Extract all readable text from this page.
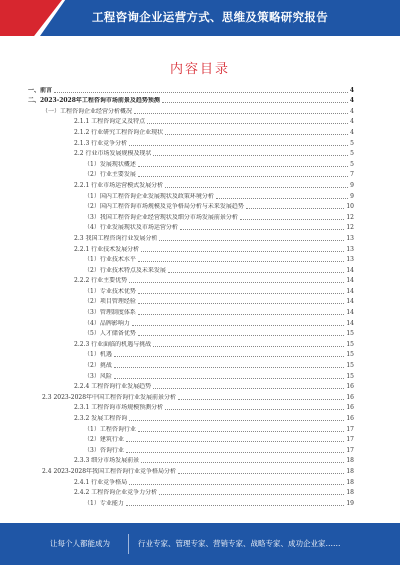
工程咨询企业运营方式、思维及策略研究报告
内容目录
一、前言	4
二、2023-2028年工程咨询市场前景及趋势预测	4
（一）工程咨询企业经营分析概况	4
2.1.1 工程咨询定义及特点	4
2.1.2 行业研究工程咨询企业现状	4
2.1.3 行业竞争分析	5
2.2 行业市场发展规模及现状	5
（1）发展现状概述	5
（2）行业主要发展	7
2.2.1 行业市场运营模式发展分析	9
（1）国内工程咨询企业发展现状及政策环境分析	9
（2）国内工程咨询市场规模及竞争格局分析与未来发展趋势	10
（3）我国工程咨询企业经营现状及细分市场发展前景分析	12
（4）行业发展现状及市场运营分析	12
2.3 我国工程咨询行业发展分析	13
2.2.1 行业技术发展分析	13
（1）行业技术水平	13
（2）行业技术特点及未来发展	14
2.2.2 行业主要优势	14
（1）专业技术优势	14
（2）项目管理经验	14
（3）管理制度体系	14
（4）品牌影响力	14
（5）人才储备优势	15
2.2.3 行业面临的机遇与挑战	15
（1）机遇	15
（2）挑战	15
（3）风险	15
2.2.4 工程咨询行业发展趋势	16
2.3 2023-2028年中国工程咨询行业发展前景分析	16
2.3.1 工程咨询市场规模预测分析	16
2.3.2 发展工程咨询	16
（1）工程咨询行业	17
（2）建筑行业	17
（3）咨询行业	17
2.3.3 细分市场发展前景	18
2.4 2023-2028年我国工程咨询行业竞争格局分析	18
2.4.1 行业竞争格局	18
2.4.2 工程咨询企业竞争力分析	18
（1）专业能力	19
让每个人都能成为	行业专家、管理专家、营销专家、战略专家、成功企业家……
